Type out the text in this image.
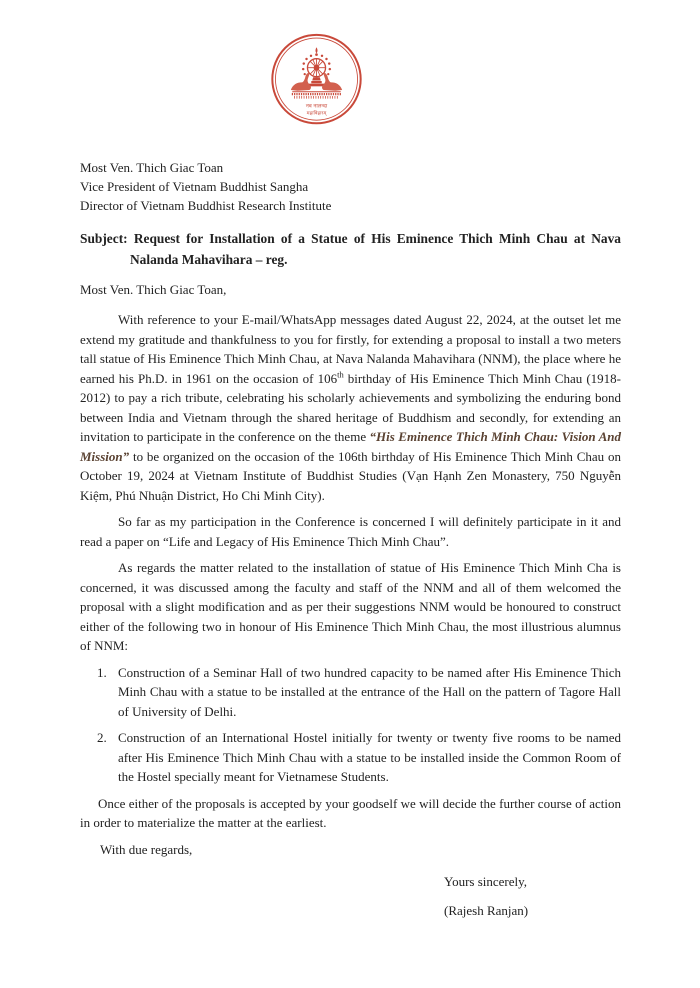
नव नालन्दा
महाविहारम्
Most Ven. Thich Giac Toan
Vice President of Vietnam Buddhist Sangha
Director of Vietnam Buddhist Research Institute

Subject: Request for Installation of a Statue of His Eminence Thich Minh Chau at Nava Nalanda Mahavihara – reg.

Most Ven. Thich Giac Toan,

With reference to your E-mail/WhatsApp messages dated August 22, 2024, at the outset let me extend my gratitude and thankfulness to you for firstly, for extending a proposal to install a two meters tall statue of His Eminence Thich Minh Chau, at Nava Nalanda Mahavihara (NNM), the place where he earned his Ph.D. in 1961 on the occasion of 106th birthday of His Eminence Thich Minh Chau (1918-2012) to pay a rich tribute, celebrating his scholarly achievements and symbolizing the enduring bond between India and Vietnam through the shared heritage of Buddhism and secondly, for extending an invitation to participate in the conference on the theme “His Eminence Thich Minh Chau: Vision And Mission” to be organized on the occasion of the 106th birthday of His Eminence Thich Minh Chau on October 19, 2024 at Vietnam Institute of Buddhist Studies (Vạn Hạnh Zen Monastery, 750 Nguyễn Kiệm, Phú Nhuận District, Ho Chi Minh City).

So far as my participation in the Conference is concerned I will definitely participate in it and read a paper on “Life and Legacy of His Eminence Thich Minh Chau”.

As regards the matter related to the installation of statue of His Eminence Thich Minh Cha is concerned, it was discussed among the faculty and staff of the NNM and all of them welcomed the proposal with a slight modification and as per their suggestions NNM would be honoured to construct either of the following two in honour of His Eminence Thich Minh Chau, the most illustrious alumnus of NNM:

1. Construction of a Seminar Hall of two hundred capacity to be named after His Eminence Thich Minh Chau with a statue to be installed at the entrance of the Hall on the pattern of Tagore Hall of University of Delhi.
2. Construction of an International Hostel initially for twenty or twenty five rooms to be named after His Eminence Thich Minh Chau with a statue to be installed inside the Common Room of the Hostel specially meant for Vietnamese Students.

Once either of the proposals is accepted by your goodself we will decide the further course of action in order to materialize the matter at the earliest.

With due regards,

Yours sincerely,

(Rajesh Ranjan)
